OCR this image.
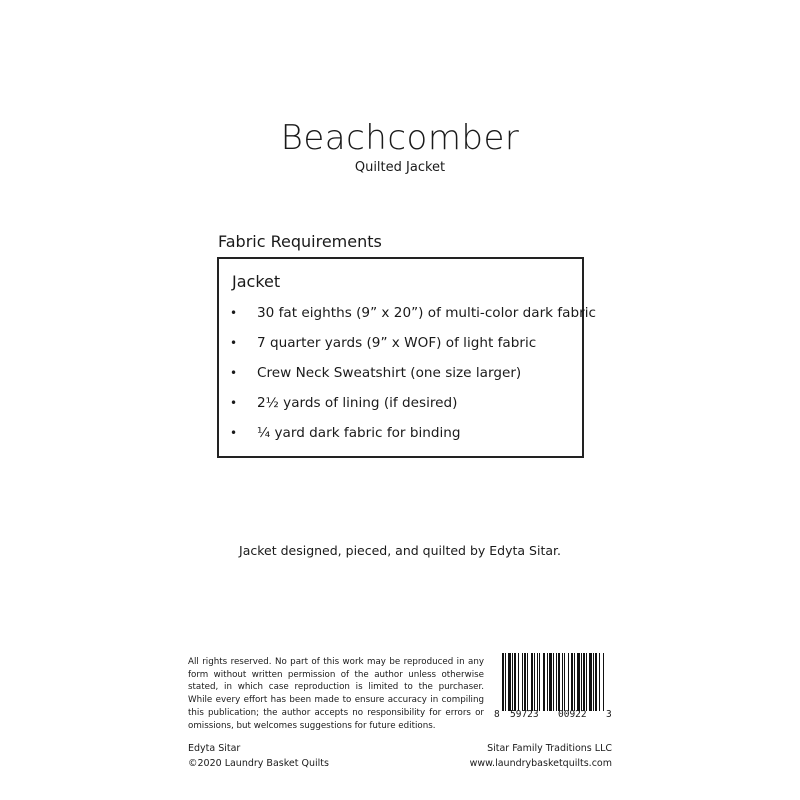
Beachcomber
Quilted Jacket
Fabric Requirements
Jacket
• 30 fat eighths (9” x 20”) of multi-color dark fabric
• 7 quarter yards (9” x WOF) of light fabric
• Crew Neck Sweatshirt (one size larger)
• 2½ yards of lining (if desired)
• ¼ yard dark fabric for binding
Jacket designed, pieced, and quilted by Edyta Sitar.
All rights reserved. No part of this work may be reproduced in any form without written permission of the author unless otherwise stated, in which case reproduction is limited to the purchaser. While every effort has been made to ensure accuracy in compiling this publication; the author accepts no responsibility for errors or omissions, but welcomes suggestions for future editions.
8 59723 00922 3
Edyta Sitar
©2020 Laundry Basket Quilts
Sitar Family Traditions LLC
www.laundrybasketquilts.com
